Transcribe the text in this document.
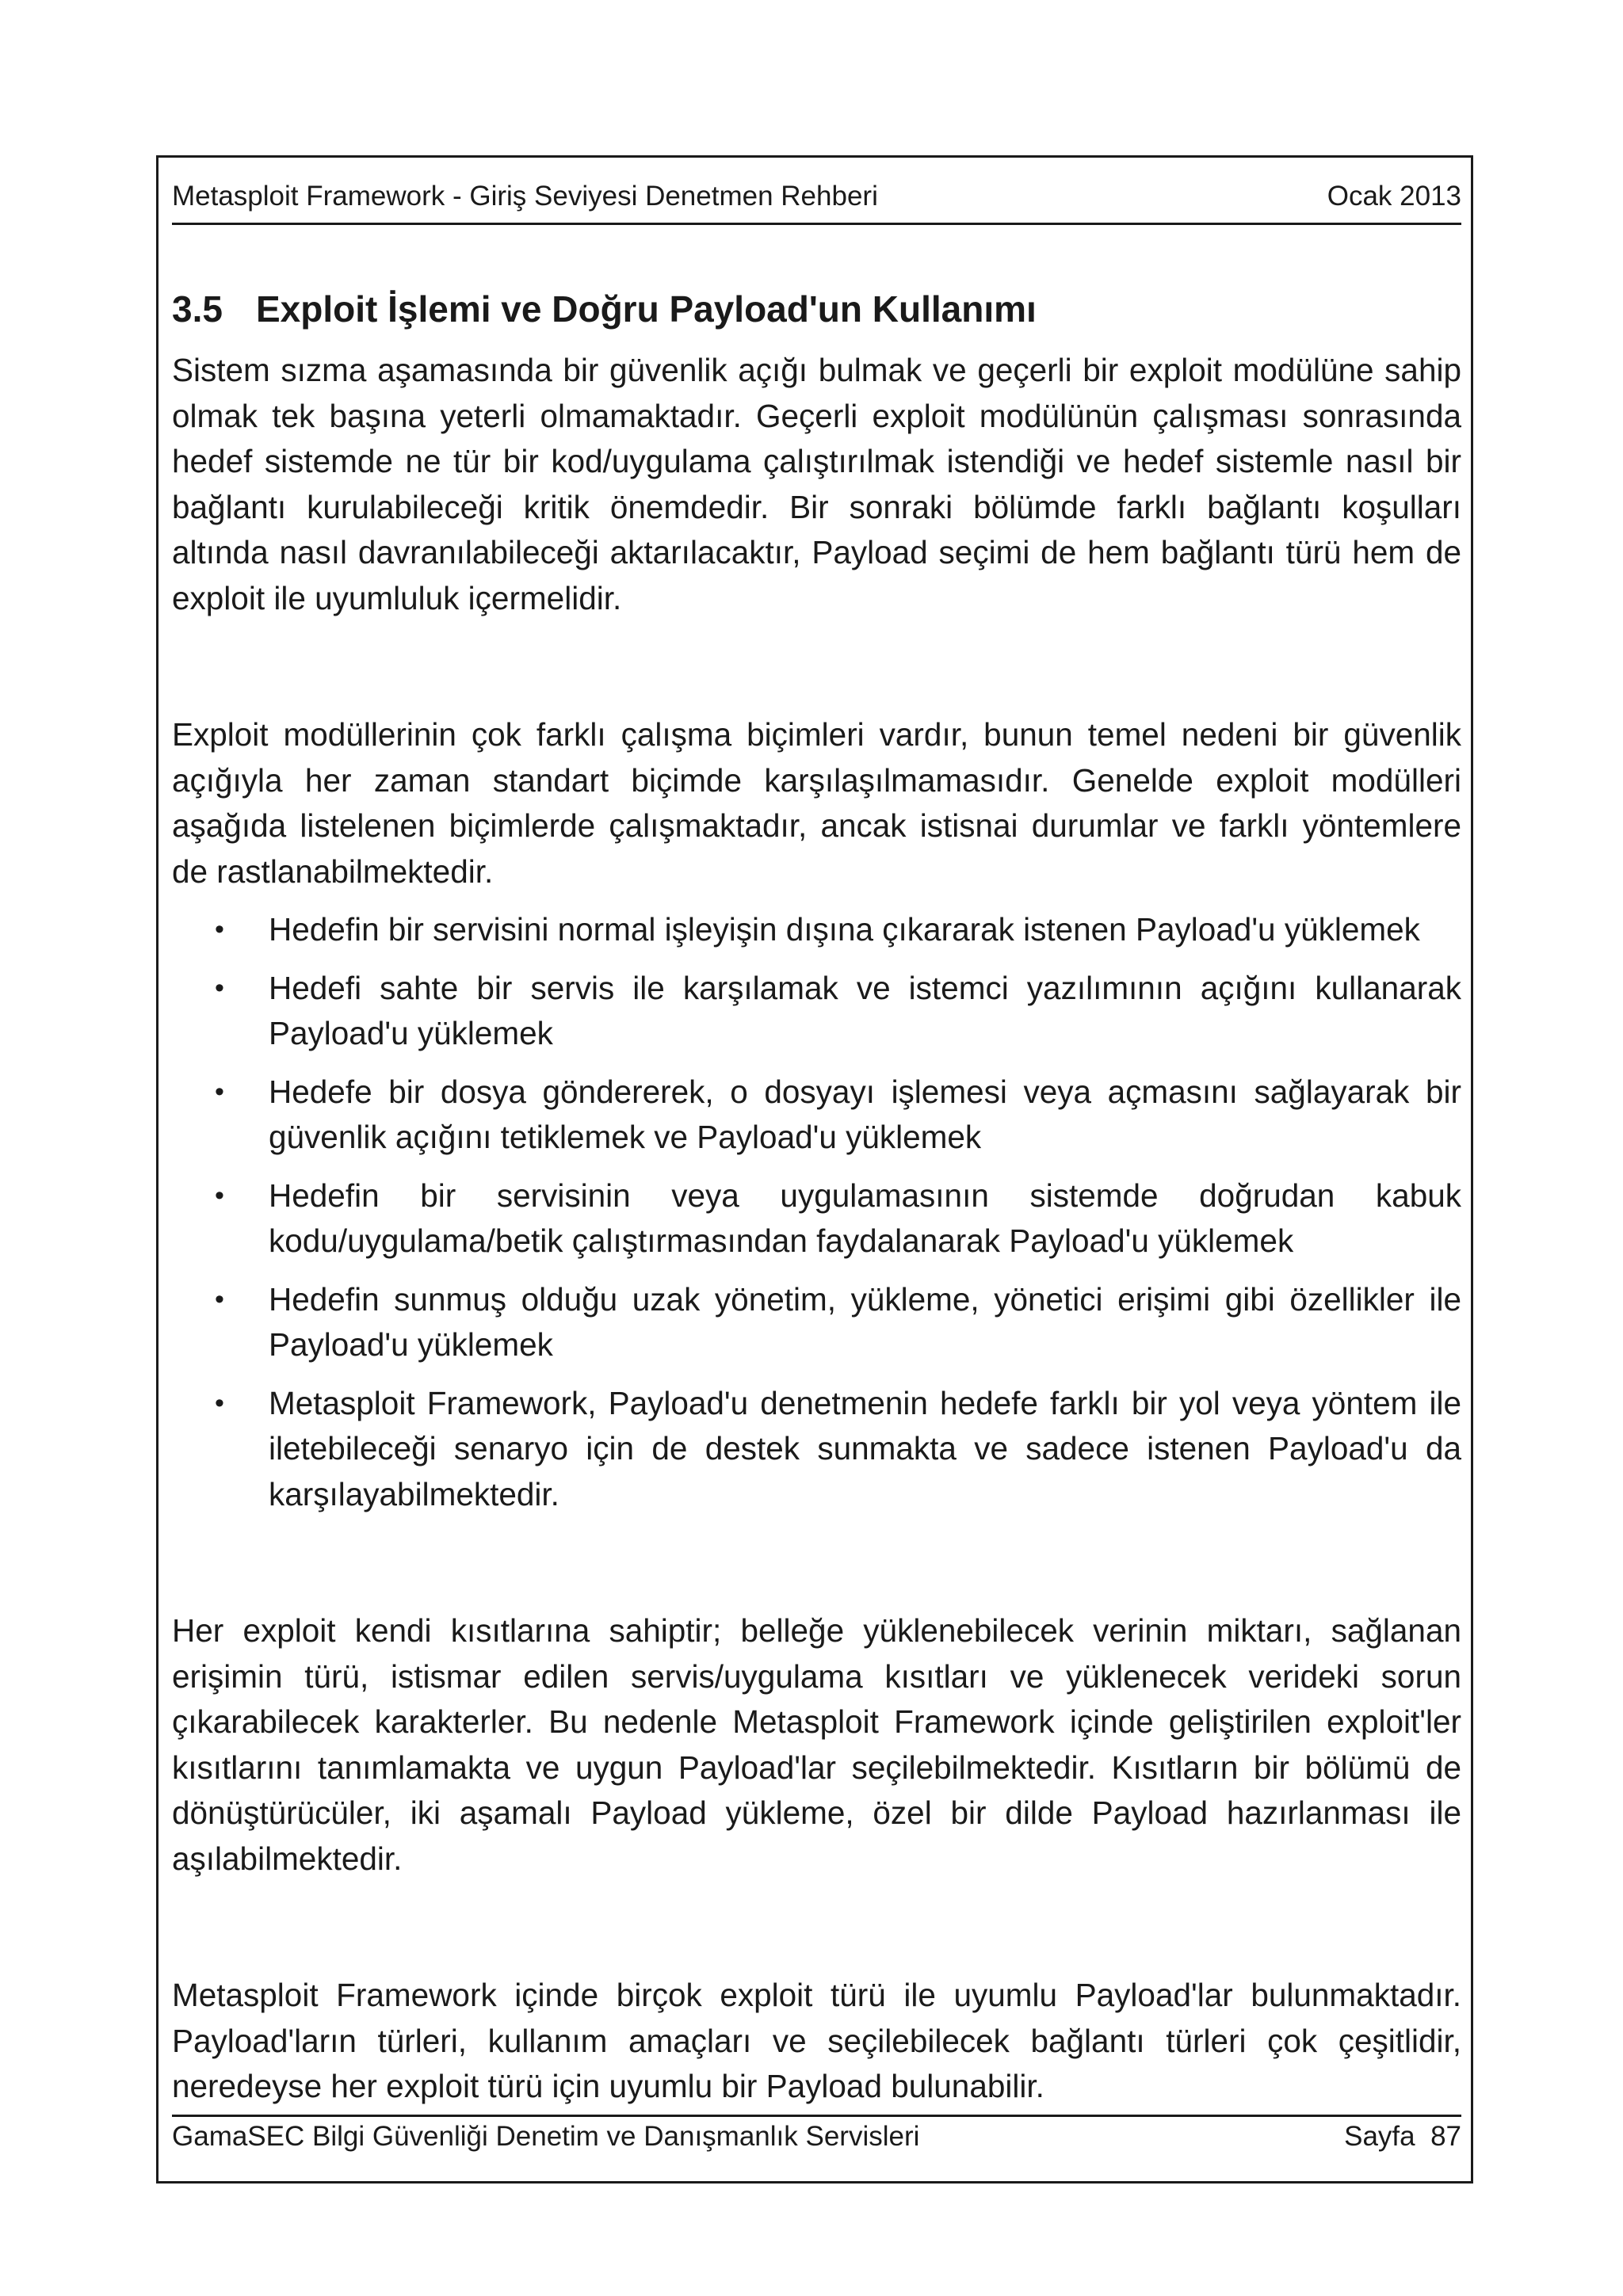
Metasploit Framework - Giriş Seviyesi Denetmen Rehberi	Ocak 2013
3.5 Exploit İşlemi ve Doğru Payload'un Kullanımı

Sistem sızma aşamasında bir güvenlik açığı bulmak ve geçerli bir exploit modülüne sahip olmak tek başına yeterli olmamaktadır. Geçerli exploit modülünün çalışması sonrasında hedef sistemde ne tür bir kod/uygulama çalıştırılmak istendiği ve hedef sistemle nasıl bir bağlantı kurulabileceği kritik önemdedir. Bir sonraki bölümde farklı bağlantı koşulları altında nasıl davranılabileceği aktarılacaktır, Payload seçimi de hem bağlantı türü hem de exploit ile uyumluluk içermelidir.

Exploit modüllerinin çok farklı çalışma biçimleri vardır, bunun temel nedeni bir güvenlik açığıyla her zaman standart biçimde karşılaşılmamasıdır. Genelde exploit modülleri aşağıda listelenen biçimlerde çalışmaktadır, ancak istisnai durumlar ve farklı yöntemlere de rastlanabilmektedir.

• Hedefin bir servisini normal işleyişin dışına çıkararak istenen Payload'u yüklemek
• Hedefi sahte bir servis ile karşılamak ve istemci yazılımının açığını kullanarak Payload'u yüklemek
• Hedefe bir dosya göndererek, o dosyayı işlemesi veya açmasını sağlayarak bir güvenlik açığını tetiklemek ve Payload'u yüklemek
• Hedefin bir servisinin veya uygulamasının sistemde doğrudan kabuk kodu/uygulama/betik çalıştırmasından faydalanarak Payload'u yüklemek
• Hedefin sunmuş olduğu uzak yönetim, yükleme, yönetici erişimi gibi özellikler ile Payload'u yüklemek
• Metasploit Framework, Payload'u denetmenin hedefe farklı bir yol veya yöntem ile iletebileceği senaryo için de destek sunmakta ve sadece istenen Payload'u da karşılayabilmektedir.

Her exploit kendi kısıtlarına sahiptir; belleğe yüklenebilecek verinin miktarı, sağlanan erişimin türü, istismar edilen servis/uygulama kısıtları ve yüklenecek verideki sorun çıkarabilecek karakterler. Bu nedenle Metasploit Framework içinde geliştirilen exploit'ler kısıtlarını tanımlamakta ve uygun Payload'lar seçilebilmektedir. Kısıtların bir bölümü de dönüştürücüler, iki aşamalı Payload yükleme, özel bir dilde Payload hazırlanması ile aşılabilmektedir.

Metasploit Framework içinde birçok exploit türü ile uyumlu Payload'lar bulunmaktadır. Payload'ların türleri, kullanım amaçları ve seçilebilecek bağlantı türleri çok çeşitlidir, neredeyse her exploit türü için uyumlu bir Payload bulunabilir.

GamaSEC Bilgi Güvenliği Denetim ve Danışmanlık Servisleri	Sayfa 87
